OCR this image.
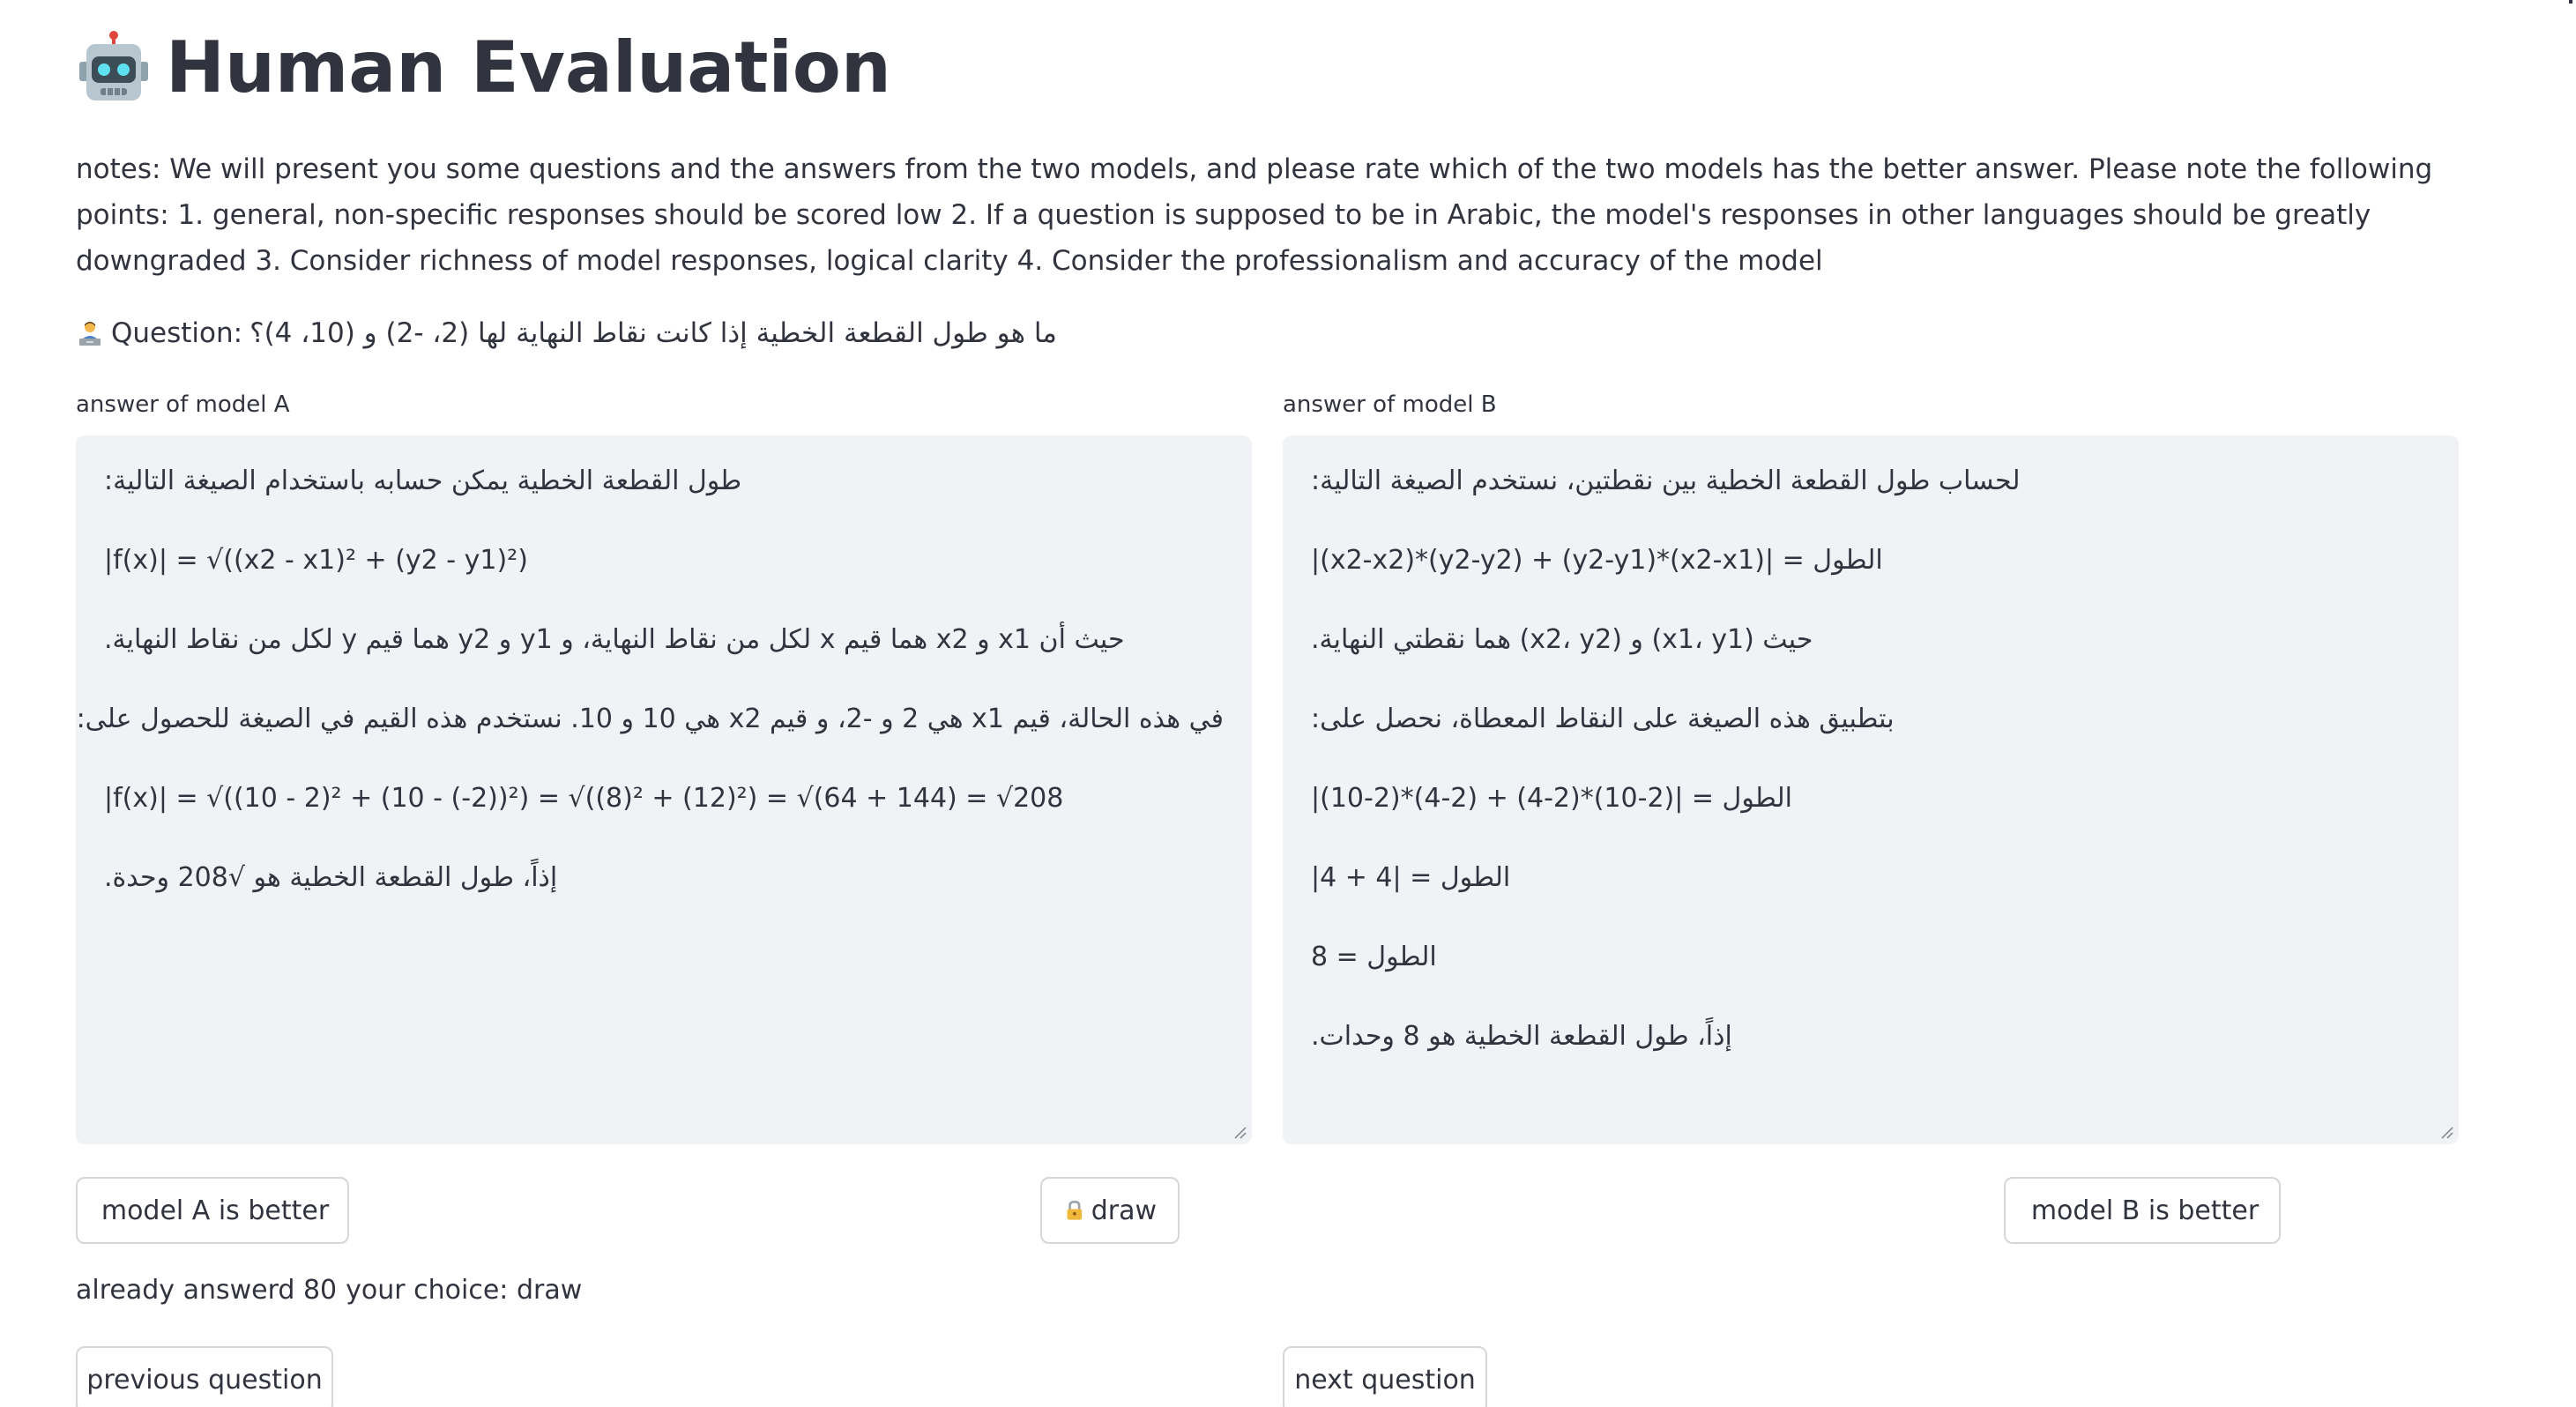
Human Evaluation
notes: We will present you some questions and the answers from the two models, and please rate which of the two models has the better answer. Please note the following points: 1. general, non-specific responses should be scored low 2. If a question is supposed to be in Arabic, the model's responses in other languages should be greatly downgraded 3. Consider richness of model responses, logical clarity 4. Consider the professionalism and accuracy of the model
Question: ما هو طول القطعة الخطية إذا كانت نقاط النهاية لها (2، -2) و (10، 4)؟
answer of model A
طول القطعة الخطية يمكن حسابه باستخدام الصيغة التالية:
|f(x)| = √((x2 - x1)² + (y2 - y1)²)
حيث أن x1 و x2 هما قيم x لكل من نقاط النهاية، و y1 و y2 هما قيم y لكل من نقاط النهاية.
في هذه الحالة، قيم x1 هي 2 و -2، و قيم x2 هي 10 و 10. نستخدم هذه القيم في الصيغة للحصول على:
|f(x)| = √((10 - 2)² + (10 - (-2))²) = √((8)² + (12)²) = √(64 + 144) = √208
إذاً، طول القطعة الخطية هو √208 وحدة.
answer of model B
لحساب طول القطعة الخطية بين نقطتين، نستخدم الصيغة التالية:
الطول = |(x2-x1)*(y2-y1) + (y2-y2)*(x2-x2)|
حيث (x1، y1) و (x2، y2) هما نقطتي النهاية.
بتطبيق هذه الصيغة على النقاط المعطاة، نحصل على:
الطول = |(2-10)*(2-4) + (2-4)*(2-10)|
الطول = |4 + 4|
الطول = 8
إذاً، طول القطعة الخطية هو 8 وحدات.
model A is better	draw	model B is better
already answerd 80 your choice: draw
previous question	next question
